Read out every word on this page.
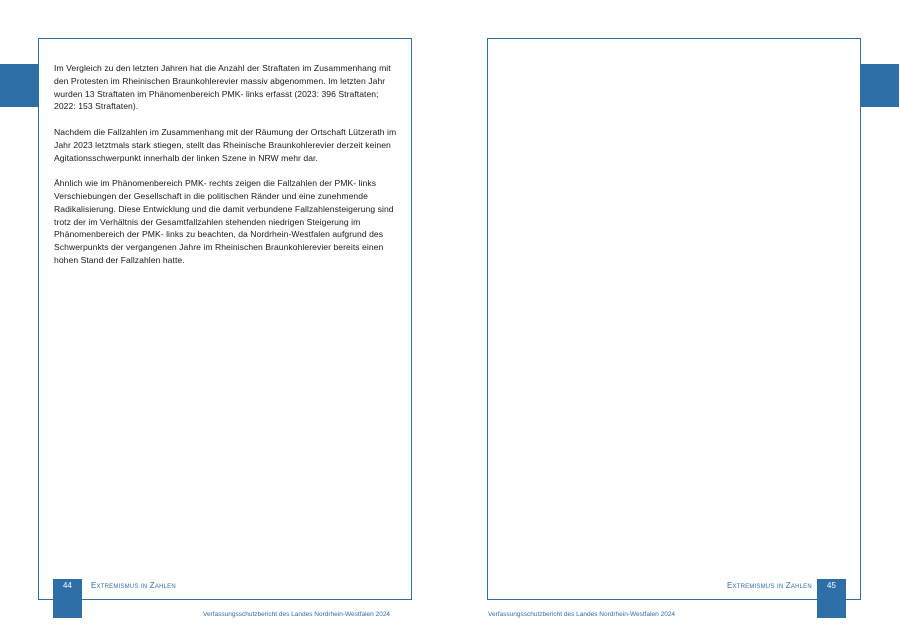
Im Vergleich zu den letzten Jahren hat die Anzahl der Straftaten im Zusammenhang mit den Protesten im Rheinischen Braunkohlerevier massiv abgenommen. Im letzten Jahr wurden 13 Straftaten im Phänomenbereich PMK- links erfasst (2023: 396 Straftaten; 2022: 153 Straftaten).

Nachdem die Fallzahlen im Zusammenhang mit der Räumung der Ortschaft Lützerath im Jahr 2023 letztmals stark stiegen, stellt das Rheinische Braunkohlerevier derzeit keinen Agitationsschwerpunkt innerhalb der linken Szene in NRW mehr dar.

Ähnlich wie im Phänomenbereich PMK- rechts zeigen die Fallzahlen der PMK- links Verschiebungen der Gesellschaft in die politischen Ränder und eine zunehmende Radikalisierung. Diese Entwicklung und die damit verbundene Fallzahlensteigerung sind trotz der im Verhältnis der Gesamtfallzahlen stehenden niedrigen Steigerung im Phänomenbereich der PMK- links zu beachten, da Nordrhein-Westfalen aufgrund des Schwerpunkts der vergangenen Jahre im Rheinischen Braunkohlerevier bereits einen hohen Stand der Fallzahlen hatte.

44	Extremismus in Zahlen
Verfassungsschutzbericht des Landes Nordrhein-Westfalen 2024
Extremismus in Zahlen	45
Verfassungsschutzbericht des Landes Nordrhein-Westfalen 2024
